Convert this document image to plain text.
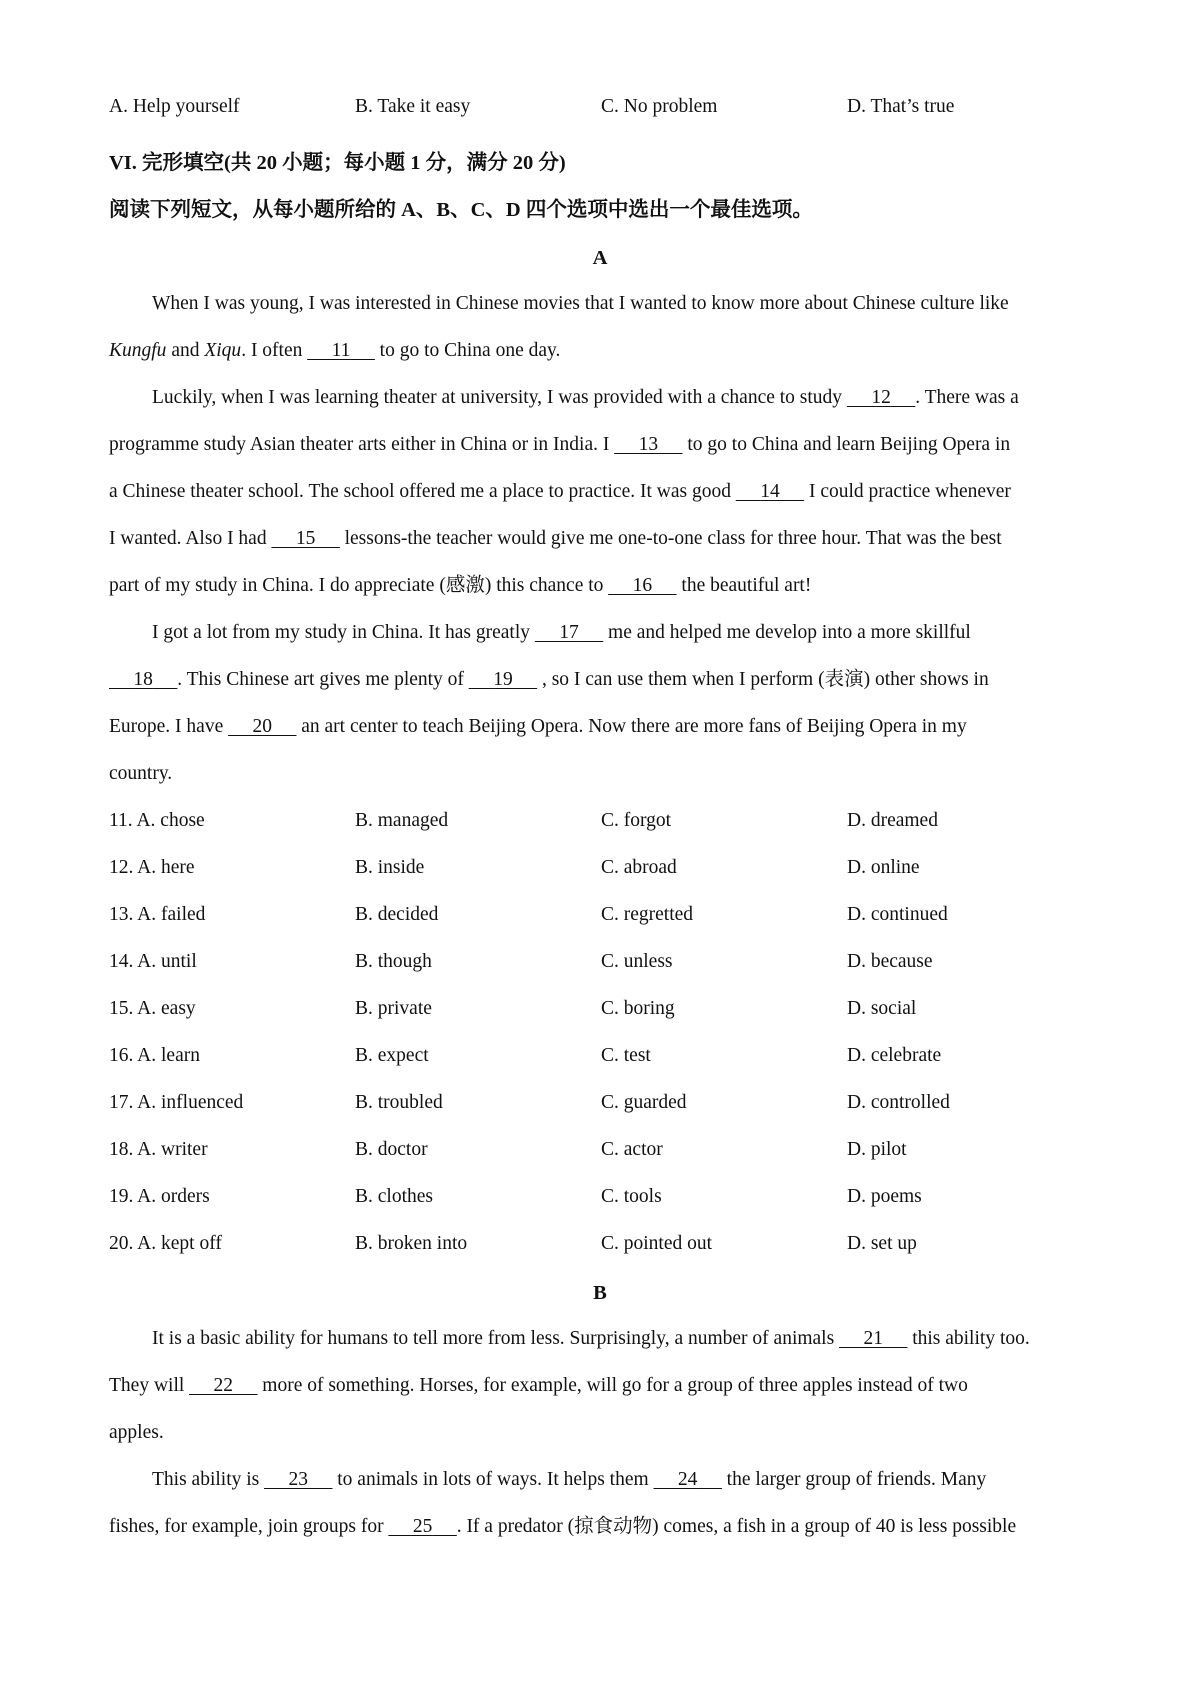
A. Help yourself	B. Take it easy	C. No problem	D. That’s true
VI. 完形填空(共 20 小题；每小题 1 分，满分 20 分)
阅读下列短文，从每小题所给的 A、B、C、D 四个选项中选出一个最佳选项。
A
When I was young, I was interested in Chinese movies that I wanted to know more about Chinese culture like
Kungfu and Xiqu. I often 11 to go to China one day.
Luckily, when I was learning theater at university, I was provided with a chance to study 12 . There was a
programme study Asian theater arts either in China or in India. I 13 to go to China and learn Beijing Opera in
a Chinese theater school. The school offered me a place to practice. It was good 14 I could practice whenever
I wanted. Also I had 15 lessons-the teacher would give me one-to-one class for three hour. That was the best
part of my study in China. I do appreciate (感激) this chance to 16 the beautiful art!
I got a lot from my study in China. It has greatly 17 me and helped me develop into a more skillful
18 . This Chinese art gives me plenty of 19 , so I can use them when I perform (表演) other shows in
Europe. I have 20 an art center to teach Beijing Opera. Now there are more fans of Beijing Opera in my
country.
11. A. chose	B. managed	C. forgot	D. dreamed
12. A. here	B. inside	C. abroad	D. online
13. A. failed	B. decided	C. regretted	D. continued
14. A. until	B. though	C. unless	D. because
15. A. easy	B. private	C. boring	D. social
16. A. learn	B. expect	C. test	D. celebrate
17. A. influenced	B. troubled	C. guarded	D. controlled
18. A. writer	B. doctor	C. actor	D. pilot
19. A. orders	B. clothes	C. tools	D. poems
20. A. kept off	B. broken into	C. pointed out	D. set up
B
It is a basic ability for humans to tell more from less. Surprisingly, a number of animals 21 this ability too.
They will 22 more of something. Horses, for example, will go for a group of three apples instead of two
apples.
This ability is 23 to animals in lots of ways. It helps them 24 the larger group of friends. Many
fishes, for example, join groups for 25 . If a predator (掠食动物) comes, a fish in a group of 40 is less possible
